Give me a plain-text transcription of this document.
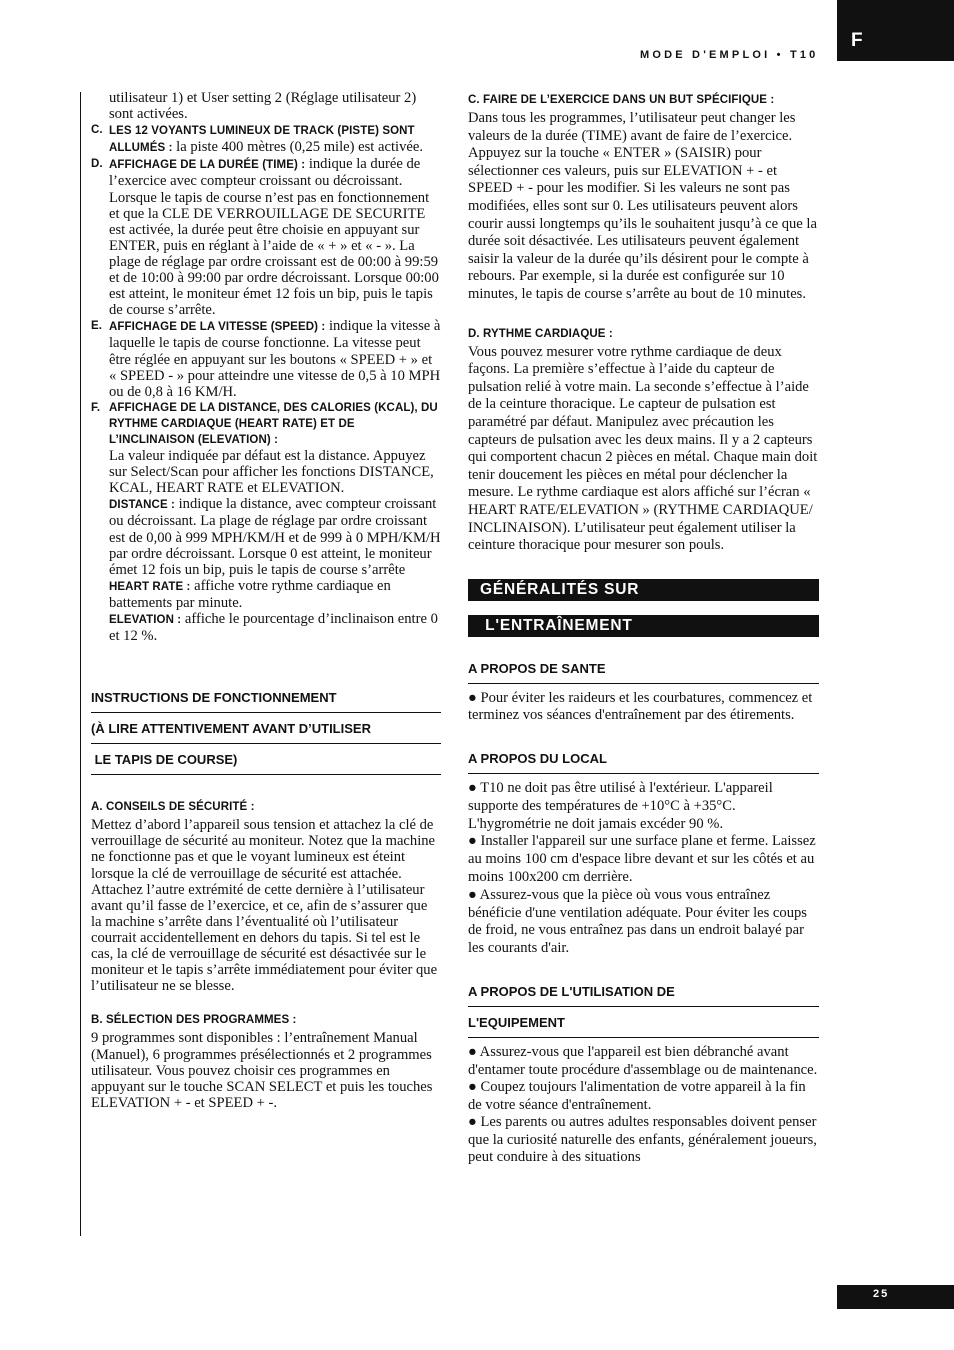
F
MODE D'EMPLOI • T10

utilisateur 1) et User setting 2 (Réglage utilisateur 2) sont activées.

C. LES 12 VOYANTS LUMINEUX DE TRACK (PISTE) SONT ALLUMÉS : la piste 400 mètres (0,25 mile) est activée.

D. AFFICHAGE DE LA DURÉE (TIME) : indique la durée de l’exercice avec compteur croissant ou décroissant. Lorsque le tapis de course n’est pas en fonctionnement et que la CLE DE VERROUILLAGE DE SECURITE est activée, la durée peut être choisie en appuyant sur ENTER, puis en réglant à l’aide de « + » et « - ». La plage de réglage par ordre croissant est de 00:00 à 99:59 et de 10:00 à 99:00 par ordre décroissant. Lorsque 00:00 est atteint, le moniteur émet 12 fois un bip, puis le tapis de course s’arrête.

E. AFFICHAGE DE LA VITESSE (SPEED) : indique la vitesse à laquelle le tapis de course fonctionne. La vitesse peut être réglée en appuyant sur les boutons « SPEED + » et « SPEED - » pour atteindre une vitesse de 0,5 à 10 MPH ou de 0,8 à 16 KM/H.

F. AFFICHAGE DE LA DISTANCE, DES CALORIES (KCAL), DU RYTHME CARDIAQUE (HEART RATE) ET DE L’INCLINAISON (ELEVATION) :

La valeur indiquée par défaut est la distance. Appuyez sur Select/Scan pour afficher les fonctions DISTANCE, KCAL, HEART RATE et ELEVATION.

DISTANCE : indique la distance, avec compteur croissant ou décroissant. La plage de réglage par ordre croissant est de 0,00 à 999 MPH/KM/H et de 999 à 0 MPH/KM/H par ordre décroissant. Lorsque 0 est atteint, le moniteur émet 12 fois un bip, puis le tapis de course s’arrête

HEART RATE : affiche votre rythme cardiaque en battements par minute.

ELEVATION : affiche le pourcentage d’inclinaison entre 0 et 12 %.

INSTRUCTIONS DE FONCTIONNEMENT
(À LIRE ATTENTIVEMENT AVANT D’UTILISER
LE TAPIS DE COURSE)

A. CONSEILS DE SÉCURITÉ :

Mettez d’abord l’appareil sous tension et attachez la clé de verrouillage de sécurité au moniteur. Notez que la machine ne fonctionne pas et que le voyant lumineux est éteint lorsque la clé de verrouillage de sécurité est attachée. Attachez l’autre extrémité de cette dernière à l’utilisateur avant qu’il fasse de l’exercice, et ce, afin de s’assurer que la machine s’arrête dans l’éventualité où l’utilisateur courrait accidentellement en dehors du tapis. Si tel est le cas, la clé de verrouillage de sécurité est désactivée sur le moniteur et le tapis s’arrête immédiatement pour éviter que l’utilisateur ne se blesse.

B. SÉLECTION DES PROGRAMMES :

9 programmes sont disponibles : l’entraînement Manual (Manuel), 6 programmes présélectionnés et 2 programmes utilisateur. Vous pouvez choisir ces programmes en appuyant sur le touche SCAN SELECT et puis les touches ELEVATION + - et SPEED + -.

C. FAIRE DE L’EXERCICE DANS UN BUT SPÉCIFIQUE :

Dans tous les programmes, l’utilisateur peut changer les valeurs de la durée (TIME) avant de faire de l’exercice. Appuyez sur la touche « ENTER » (SAISIR) pour sélectionner ces valeurs, puis sur ELEVATION + - et SPEED + - pour les modifier. Si les valeurs ne sont pas modifiées, elles sont sur 0. Les utilisateurs peuvent alors courir aussi longtemps qu’ils le souhaitent jusqu’à ce que la durée soit désactivée. Les utilisateurs peuvent également saisir la valeur de la durée qu’ils désirent pour le compte à rebours. Par exemple, si la durée est configurée sur 10 minutes, le tapis de course s’arrête au bout de 10 minutes.

D. RYTHME CARDIAQUE :

Vous pouvez mesurer votre rythme cardiaque de deux façons. La première s’effectue à l’aide du capteur de pulsation relié à votre main. La seconde s’effectue à l’aide de la ceinture thoracique. Le capteur de pulsation est paramétré par défaut. Manipulez avec précaution les capteurs de pulsation avec les deux mains. Il y a 2 capteurs qui comportent chacun 2 pièces en métal. Chaque main doit tenir doucement les pièces en métal pour déclencher la mesure. Le rythme cardiaque est alors affiché sur l’écran « HEART RATE/ELEVATION » (RYTHME CARDIAQUE/ INCLINAISON). L’utilisateur peut également utiliser la ceinture thoracique pour mesurer son pouls.

GÉNÉRALITÉS SUR
L'ENTRAÎNEMENT
A PROPOS DE SANTE

● Pour éviter les raideurs et les courbatures, commencez et terminez vos séances d'entraînement par des étirements.

A PROPOS DU LOCAL

● T10 ne doit pas être utilisé à l'extérieur. L'appareil supporte des températures de +10°C à +35°C. L'hygrométrie ne doit jamais excéder 90 %.

● Installer l'appareil sur une surface plane et ferme. Laissez au moins 100 cm d'espace libre devant et sur les côtés et au moins 100x200 cm derrière.

● Assurez-vous que la pièce où vous vous entraînez bénéficie d'une ventilation adéquate. Pour éviter les coups de froid, ne vous entraînez pas dans un endroit balayé par les courants d'air.

A PROPOS DE L'UTILISATION DE
L'EQUIPEMENT

● Assurez-vous que l'appareil est bien débranché avant d'entamer toute procédure d'assemblage ou de maintenance.

● Coupez toujours l'alimentation de votre appareil à la fin de votre séance d'entraînement.

● Les parents ou autres adultes responsables doivent penser que la curiosité naturelle des enfants, généralement joueurs, peut conduire à des situations

25
